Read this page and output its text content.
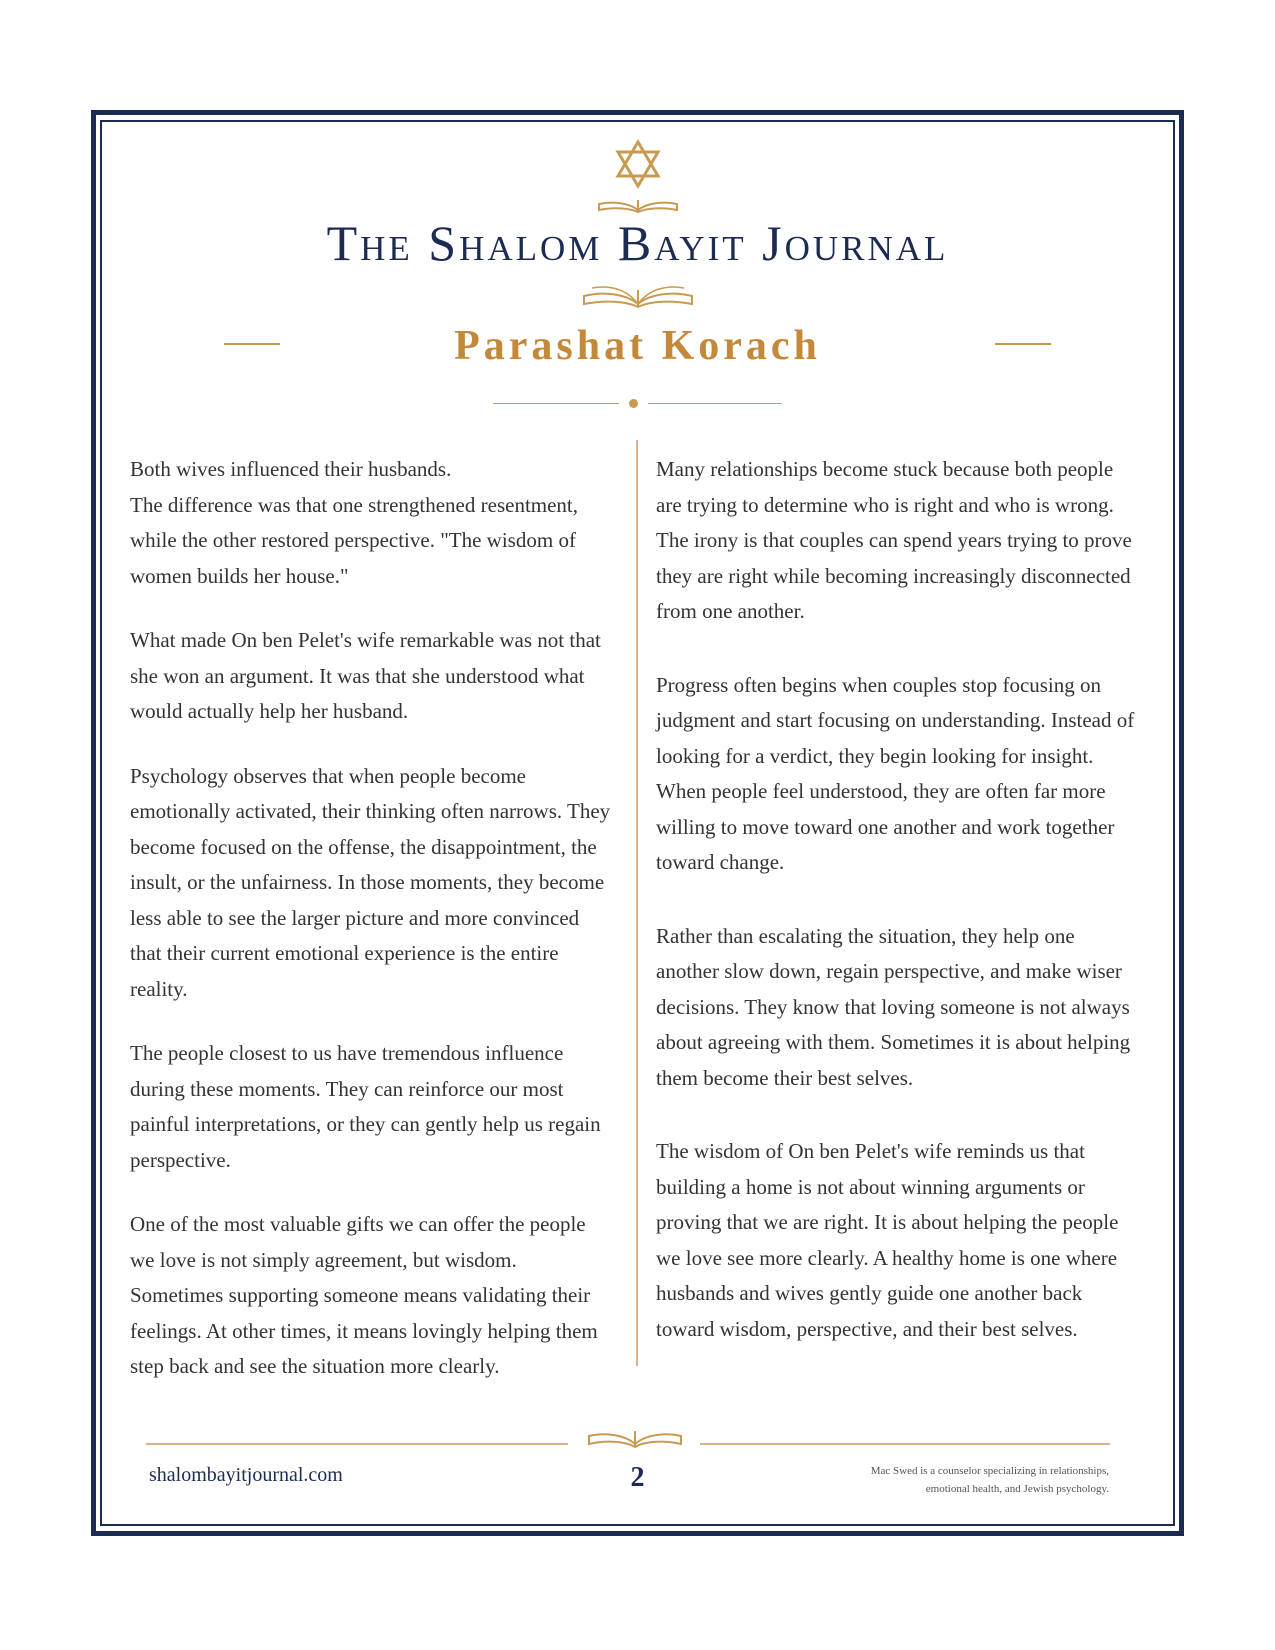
The Shalom Bayit Journal
Parashat Korach

Both wives influenced their husbands.
The difference was that one strengthened resentment, while the other restored perspective. "The wisdom of women builds her house."

What made On ben Pelet's wife remarkable was not that she won an argument. It was that she understood what would actually help her husband.

Psychology observes that when people become emotionally activated, their thinking often narrows. They become focused on the offense, the disappointment, the insult, or the unfairness. In those moments, they become less able to see the larger picture and more convinced that their current emotional experience is the entire reality.

The people closest to us have tremendous influence during these moments. They can reinforce our most painful interpretations, or they can gently help us regain perspective.

One of the most valuable gifts we can offer the people we love is not simply agreement, but wisdom. Sometimes supporting someone means validating their feelings. At other times, it means lovingly helping them step back and see the situation more clearly.

Many relationships become stuck because both people are trying to determine who is right and who is wrong. The irony is that couples can spend years trying to prove they are right while becoming increasingly disconnected from one another.

Progress often begins when couples stop focusing on judgment and start focusing on understanding. Instead of looking for a verdict, they begin looking for insight. When people feel understood, they are often far more willing to move toward one another and work together toward change.

Rather than escalating the situation, they help one another slow down, regain perspective, and make wiser decisions. They know that loving someone is not always about agreeing with them. Sometimes it is about helping them become their best selves.

The wisdom of On ben Pelet's wife reminds us that building a home is not about winning arguments or proving that we are right. It is about helping the people we love see more clearly. A healthy home is one where husbands and wives gently guide one another back toward wisdom, perspective, and their best selves.

shalombayitjournal.com	2	Mac Swed is a counselor specializing in relationships,
emotional health, and Jewish psychology.
